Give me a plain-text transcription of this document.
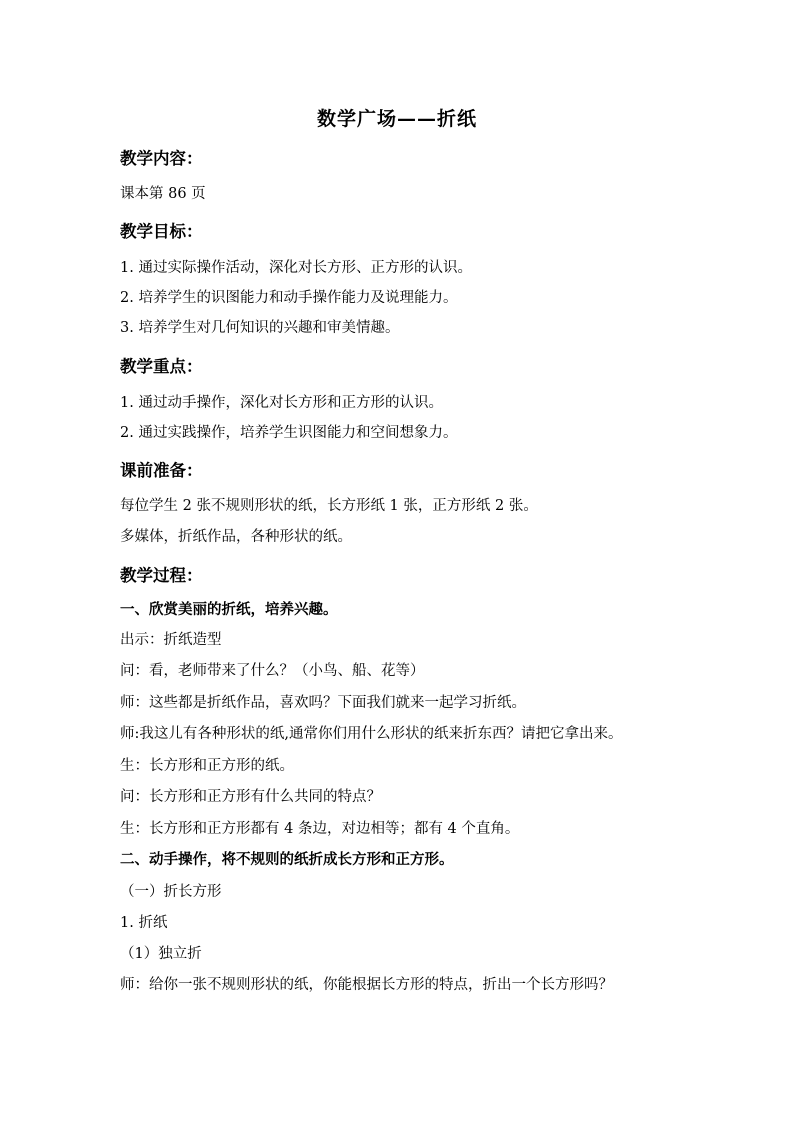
数学广场——折纸
教学内容：
课本第 86 页
教学目标：
1. 通过实际操作活动，深化对长方形、正方形的认识。
2. 培养学生的识图能力和动手操作能力及说理能力。
3. 培养学生对几何知识的兴趣和审美情趣。
教学重点：
1. 通过动手操作，深化对长方形和正方形的认识。
2. 通过实践操作，培养学生识图能力和空间想象力。
课前准备：
每位学生 2 张不规则形状的纸，长方形纸 1 张，正方形纸 2 张。
多媒体，折纸作品，各种形状的纸。
教学过程：
一、欣赏美丽的折纸，培养兴趣。
出示：折纸造型
问：看，老师带来了什么？（小鸟、船、花等）
师：这些都是折纸作品，喜欢吗？下面我们就来一起学习折纸。
师:我这儿有各种形状的纸,通常你们用什么形状的纸来折东西？请把它拿出来。
生：长方形和正方形的纸。
问：长方形和正方形有什么共同的特点？
生：长方形和正方形都有 4 条边，对边相等；都有 4 个直角。
二、动手操作，将不规则的纸折成长方形和正方形。
（一）折长方形
1. 折纸
（1）独立折
师：给你一张不规则形状的纸，你能根据长方形的特点，折出一个长方形吗？
